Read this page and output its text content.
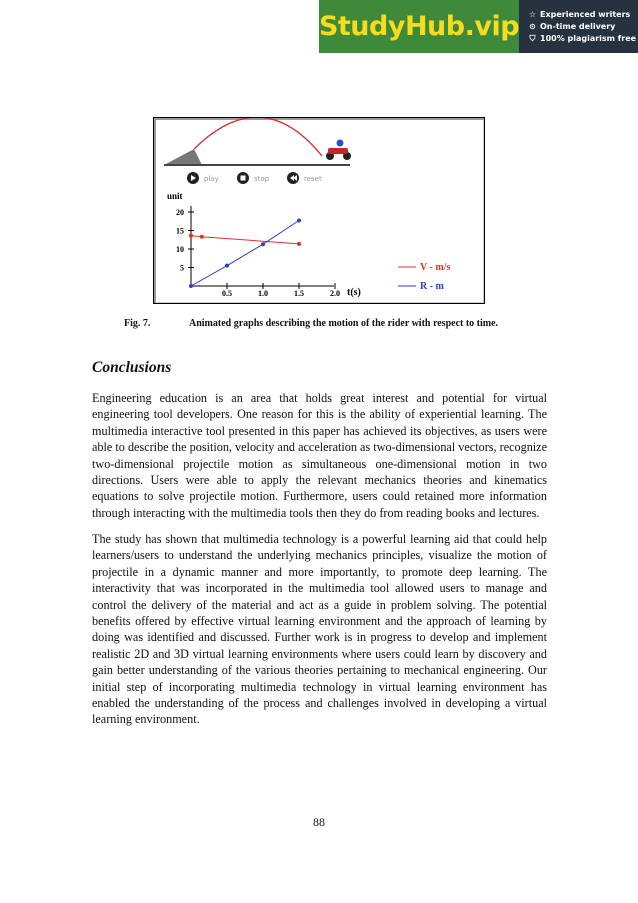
StudyHub.vip ☆ Experienced writers
⊙ On-time delivery
⛉ 100% plagiarism free
play	stop	reset
unit
t(s)
0.5	1.0	1.5	2.0
5
10
15
20
V - m/s
R - m
Fig. 7.	Animated graphs describing the motion of the rider with respect to time.
Conclusions

Engineering education is an area that holds great interest and potential for virtual engineering tool developers. One reason for this is the ability of experiential learning. The multimedia interactive tool presented in this paper has achieved its objectives, as users were able to describe the position, velocity and acceleration as two-dimensional vectors, recognize two-dimensional projectile motion as simultaneous one-dimensional motion in two directions. Users were able to apply the relevant mechanics theories and kinematics equations to solve projectile motion. Furthermore, users could retained more information through interacting with the multimedia tools then they do from reading books and lectures.

The study has shown that multimedia technology is a powerful learning aid that could help learners/users to understand the underlying mechanics principles, visualize the motion of projectile in a dynamic manner and more importantly, to promote deep learning. The interactivity that was incorporated in the multimedia tool allowed users to manage and control the delivery of the material and act as a guide in problem solving. The potential benefits offered by effective virtual learning environment and the approach of learning by doing was identified and discussed. Further work is in progress to develop and implement realistic 2D and 3D virtual learning environments where users could learn by discovery and gain better understanding of the various theories pertaining to mechanical engineering. Our initial step of incorporating multimedia technology in virtual learning environment has enabled the understanding of the process and challenges involved in developing a virtual learning environment.

88
